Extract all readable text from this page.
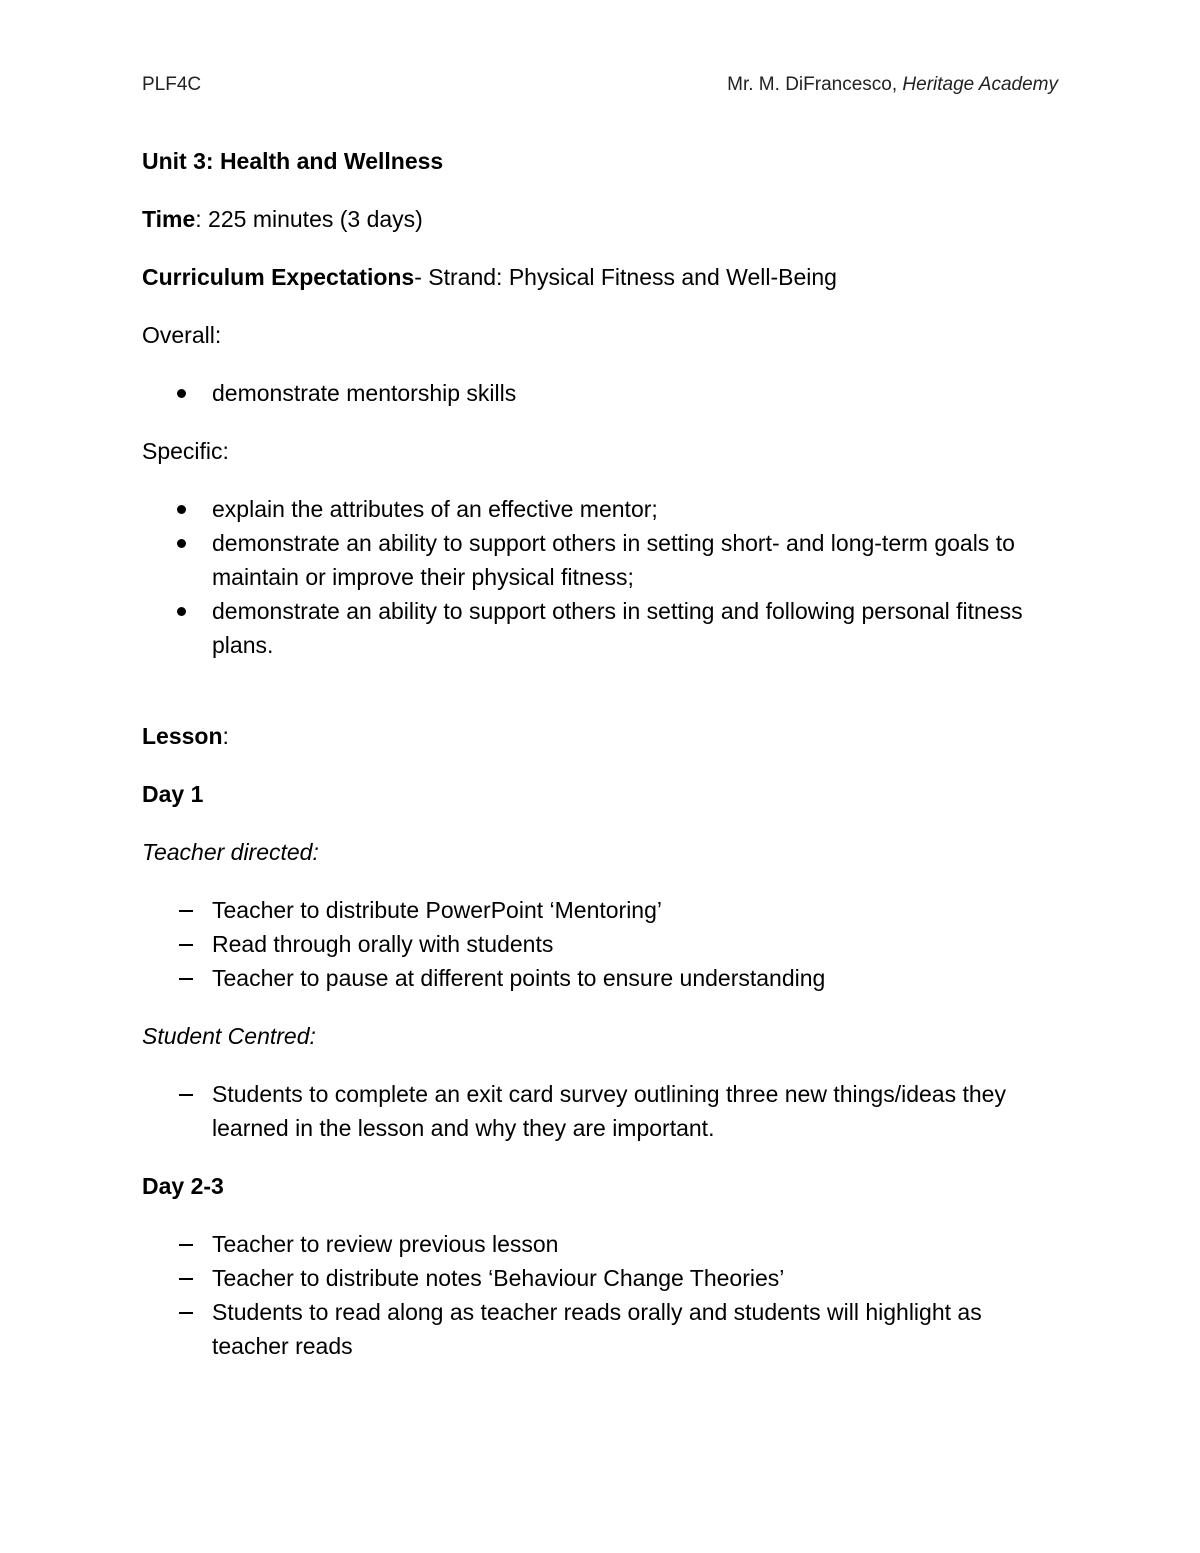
PLF4C	Mr. M. DiFrancesco, Heritage Academy

Unit 3: Health and Wellness

Time: 225 minutes (3 days)

Curriculum Expectations- Strand: Physical Fitness and Well-Being

Overall:

demonstrate mentorship skills

Specific:

explain the attributes of an effective mentor;
demonstrate an ability to support others in setting short- and long-term goals to maintain or improve their physical fitness;
demonstrate an ability to support others in setting and following personal fitness plans.

Lesson:

Day 1

Teacher directed:

Teacher to distribute PowerPoint ‘Mentoring’
Read through orally with students
Teacher to pause at different points to ensure understanding

Student Centred:

Students to complete an exit card survey outlining three new things/ideas they learned in the lesson and why they are important.

Day 2-3

Teacher to review previous lesson
Teacher to distribute notes ‘Behaviour Change Theories’
Students to read along as teacher reads orally and students will highlight as teacher reads
